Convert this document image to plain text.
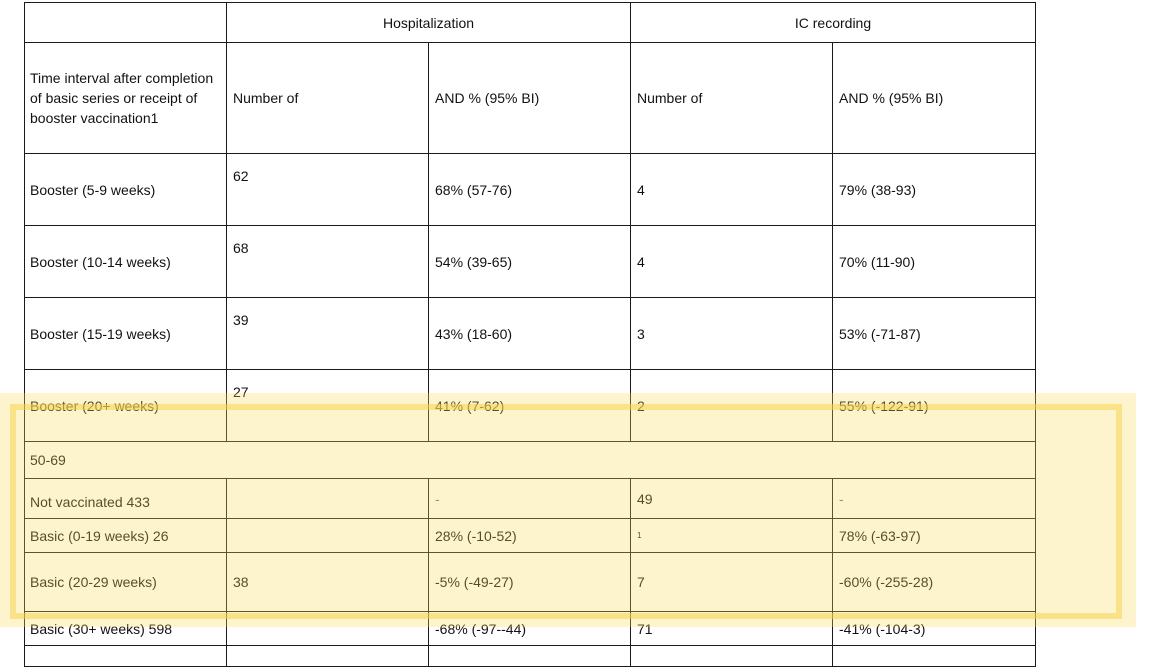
	Hospitalization		IC recording	
Time interval after completion of basic series or receipt of booster vaccination1	Number of	AND % (95% BI)	Number of	AND % (95% BI)
Booster (5-9 weeks)	62	68% (57-76)	4	79% (38-93)
Booster (10-14 weeks)	68	54% (39-65)	4	70% (11-90)
Booster (15-19 weeks)	39	43% (18-60)	3	53% (-71-87)
Booster (20+ weeks)	27	41% (7-62)	2	55% (-122-91)
50-69				
Not vaccinated 433		-	49	-
Basic (0-19 weeks) 26		28% (-10-52)	1	78% (-63-97)
Basic (20-29 weeks)	38	-5% (-49-27)	7	-60% (-255-28)
Basic (30+ weeks) 598		-68% (-97--44)	71	-41% (-104-3)
